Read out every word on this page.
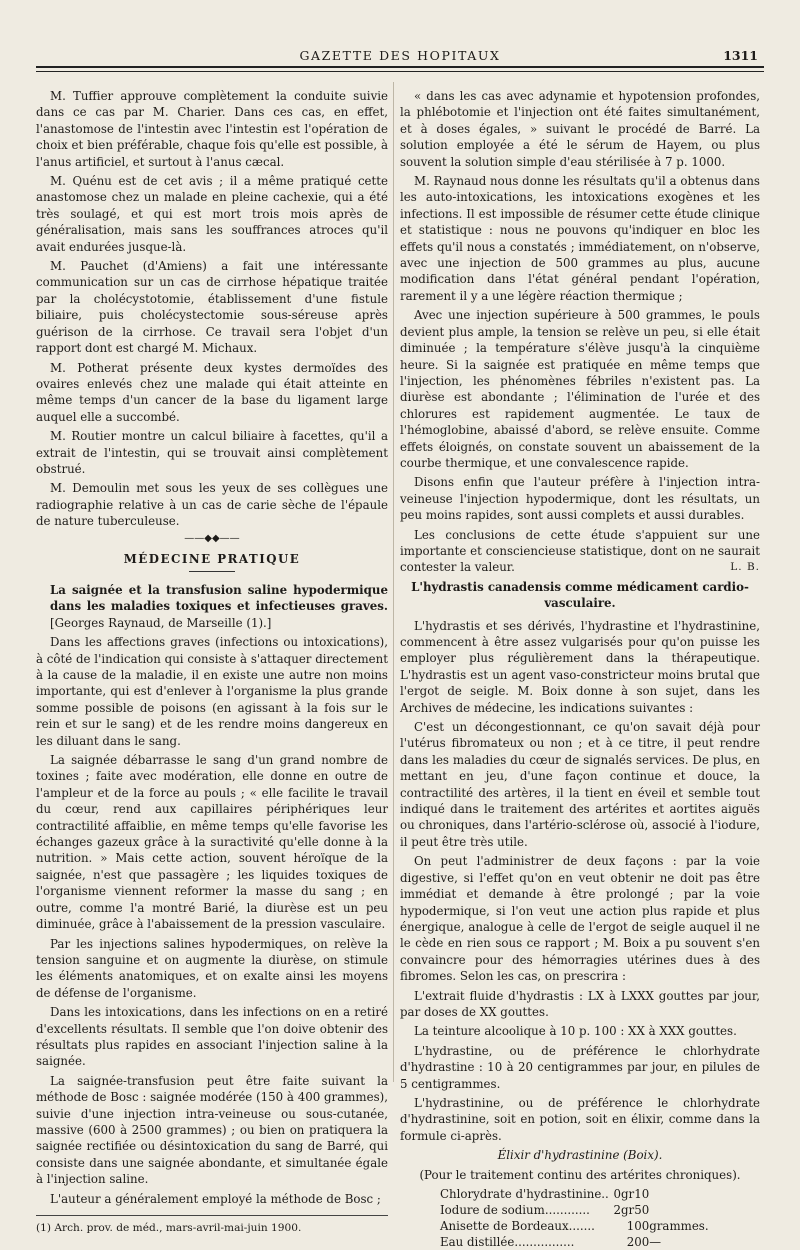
GAZETTE DES HOPITAUX	1311

M. Tuffier approuve complètement la conduite suivie dans ce cas par M. Charier. Dans ces cas, en effet, l'anastomose de l'intestin avec l'intestin est l'opération de choix et bien préférable, chaque fois qu'elle est possible, à l'anus artificiel, et surtout à l'anus cæcal.

M. Quénu est de cet avis ; il a même pratiqué cette anastomose chez un malade en pleine cachexie, qui a été très soulagé, et qui est mort trois mois après de généralisation, mais sans les souffrances atroces qu'il avait endurées jusque-là.

M. Pauchet (d'Amiens) a fait une intéressante communication sur un cas de cirrhose hépatique traitée par la cholécystotomie, établissement d'une fistule biliaire, puis cholécystectomie sous-séreuse après guérison de la cirrhose. Ce travail sera l'objet d'un rapport dont est chargé M. Michaux.

M. Potherat présente deux kystes dermoïdes des ovaires enlevés chez une malade qui était atteinte en même temps d'un cancer de la base du ligament large auquel elle a succombé.

M. Routier montre un calcul biliaire à facettes, qu'il a extrait de l'intestin, qui se trouvait ainsi complètement obstrué.

M. Demoulin met sous les yeux de ses collègues une radiographie relative à un cas de carie sèche de l'épaule de nature tuberculeuse.

——◆◆——
MÉDECINE PRATIQUE

La saignée et la transfusion saline hypodermique dans les maladies toxiques et infectieuses graves. [Georges Raynaud, de Marseille (1).]

Dans les affections graves (infections ou intoxications), à côté de l'indication qui consiste à s'attaquer directement à la cause de la maladie, il en existe une autre non moins importante, qui est d'enlever à l'organisme la plus grande somme possible de poisons (en agissant à la fois sur le rein et sur le sang) et de les rendre moins dangereux en les diluant dans le sang.

La saignée débarrasse le sang d'un grand nombre de toxines ; faite avec modération, elle donne en outre de l'ampleur et de la force au pouls ; « elle facilite le travail du cœur, rend aux capillaires périphériques leur contractilité affaiblie, en même temps qu'elle favorise les échanges gazeux grâce à la suractivité qu'elle donne à la nutrition. » Mais cette action, souvent héroïque de la saignée, n'est que passagère ; les liquides toxiques de l'organisme viennent reformer la masse du sang ; en outre, comme l'a montré Barié, la diurèse est un peu diminuée, grâce à l'abaissement de la pression vasculaire.

Par les injections salines hypodermiques, on relève la tension sanguine et on augmente la diurèse, on stimule les éléments anatomiques, et on exalte ainsi les moyens de défense de l'organisme.

Dans les intoxications, dans les infections on en a retiré d'excellents résultats. Il semble que l'on doive obtenir des résultats plus rapides en associant l'injection saline à la saignée.

La saignée-transfusion peut être faite suivant la méthode de Bosc : saignée modérée (150 à 400 grammes), suivie d'une injection intra-veineuse ou sous-cutanée, massive (600 à 2500 grammes) ; ou bien on pratiquera la saignée rectifiée ou désintoxication du sang de Barré, qui consiste dans une saignée abondante, et simultanée égale à l'injection saline.

L'auteur a généralement employé la méthode de Bosc ;

(1) Arch. prov. de méd., mars-avril-mai-juin 1900.

« dans les cas avec adynamie et hypotension profondes, la phlébotomie et l'injection ont été faites simultanément, et à doses égales, » suivant le procédé de Barré. La solution employée a été le sérum de Hayem, ou plus souvent la solution simple d'eau stérilisée à 7 p. 1000.

M. Raynaud nous donne les résultats qu'il a obtenus dans les auto-intoxications, les intoxications exogènes et les infections. Il est impossible de résumer cette étude clinique et statistique : nous ne pouvons qu'indiquer en bloc les effets qu'il nous a constatés ; immédiatement, on n'observe, avec une injection de 500 grammes au plus, aucune modification dans l'état général pendant l'opération, rarement il y a une légère réaction thermique ;

Avec une injection supérieure à 500 grammes, le pouls devient plus ample, la tension se relève un peu, si elle était diminuée ; la température s'élève jusqu'à la cinquième heure. Si la saignée est pratiquée en même temps que l'injection, les phénomènes fébriles n'existent pas. La diurèse est abondante ; l'élimination de l'urée et des chlorures est rapidement augmentée. Le taux de l'hémoglobine, abaissé d'abord, se relève ensuite. Comme effets éloignés, on constate souvent un abaissement de la courbe thermique, et une convalescence rapide.

Disons enfin que l'auteur préfère à l'injection intra-veineuse l'injection hypodermique, dont les résultats, un peu moins rapides, sont aussi complets et aussi durables.

Les conclusions de cette étude s'appuient sur une importante et consciencieuse statistique, dont on ne saurait contester la valeur.	L. B.

L'hydrastis canadensis comme médicament cardio-vasculaire.

L'hydrastis et ses dérivés, l'hydrastine et l'hydrastinine, commencent à être assez vulgarisés pour qu'on puisse les employer plus régulièrement dans la thérapeutique. L'hydrastis est un agent vaso-constricteur moins brutal que l'ergot de seigle. M. Boix donne à son sujet, dans les Archives de médecine, les indications suivantes :

C'est un décongestionnant, ce qu'on savait déjà pour l'utérus fibromateux ou non ; et à ce titre, il peut rendre dans les maladies du cœur de signalés services. De plus, en mettant en jeu, d'une façon continue et douce, la contractilité des artères, il la tient en éveil et semble tout indiqué dans le traitement des artérites et aortites aiguës ou chroniques, dans l'artério-sclérose où, associé à l'iodure, il peut être très utile.

On peut l'administrer de deux façons : par la voie digestive, si l'effet qu'on en veut obtenir ne doit pas être immédiat et demande à être prolongé ; par la voie hypodermique, si l'on veut une action plus rapide et plus énergique, analogue à celle de l'ergot de seigle auquel il ne le cède en rien sous ce rapport ; M. Boix a pu souvent s'en convaincre pour des hémorragies utérines dues à des fibromes. Selon les cas, on prescrira :

L'extrait fluide d'hydrastis : LX à LXXX gouttes par jour, par doses de XX gouttes.

La teinture alcoolique à 10 p. 100 : XX à XXX gouttes.

L'hydrastine, ou de préférence le chlorhydrate d'hydrastine : 10 à 20 centigrammes par jour, en pilules de 5 centigrammes.

L'hydrastinine, ou de préférence le chlorhydrate d'hydrastinine, soit en potion, soit en élixir, comme dans la formule ci-après.

Élixir d'hydrastinine (Boix).

(Pour le traitement continu des artérites chroniques).

Chlorydrate d'hydrastinine..	0gr10	
Iodure de sodium............	2gr50	
Anisette de Bordeaux.......	100	grammes.
Eau distillée................	200	—
